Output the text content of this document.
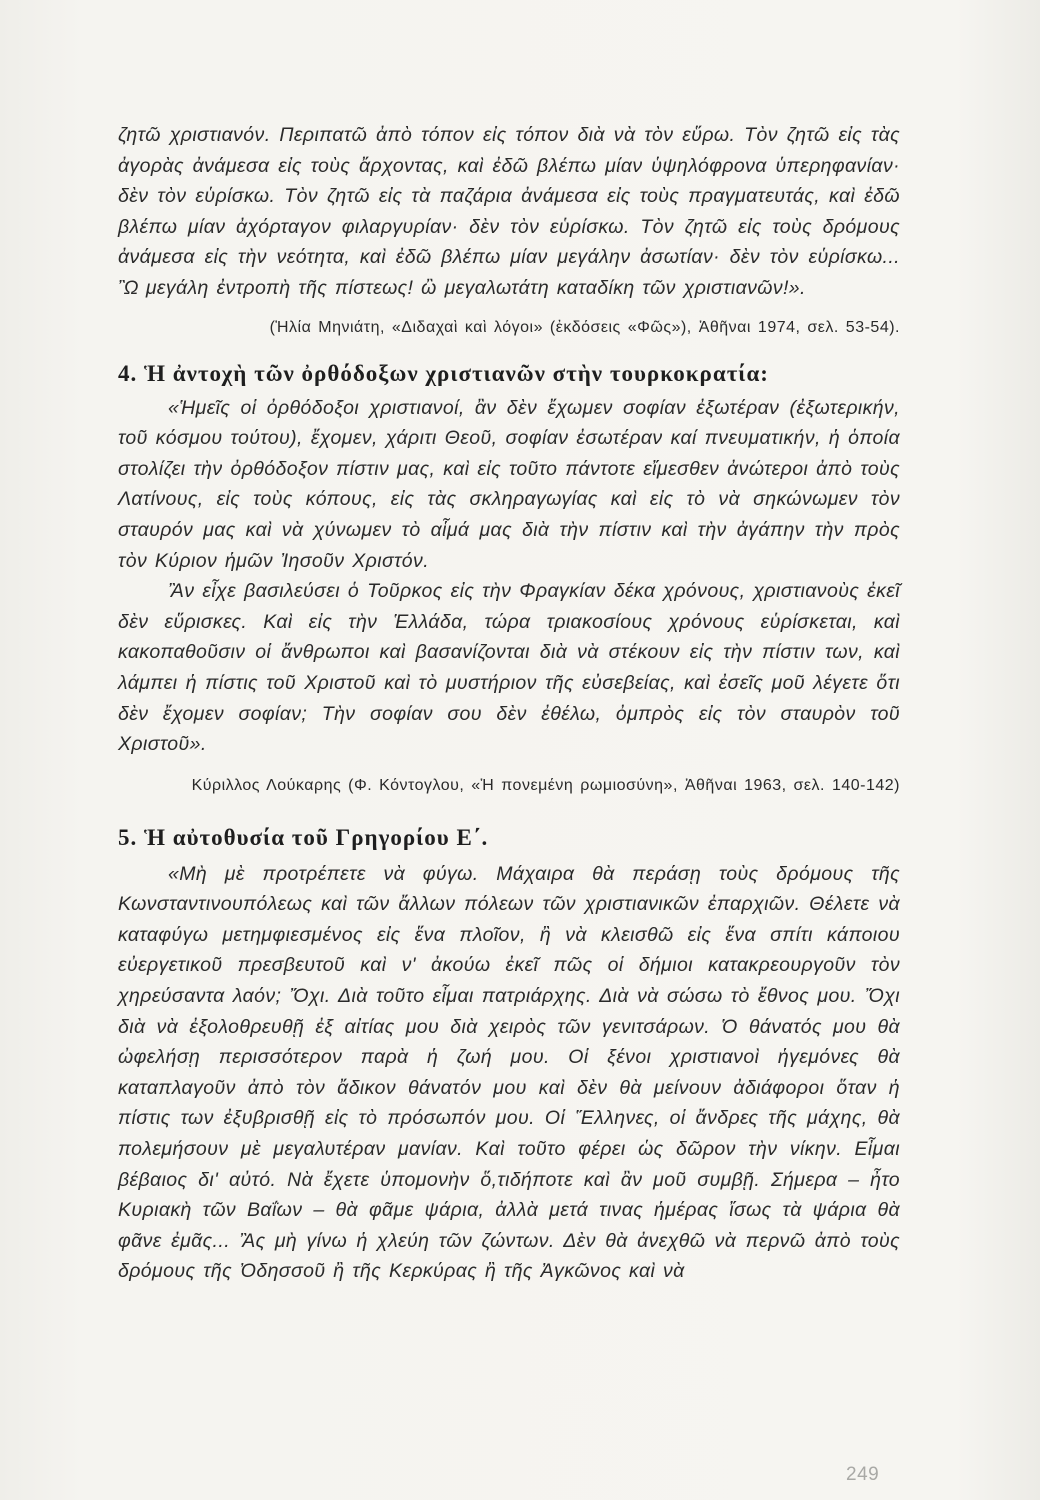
ζητῶ χριστιανόν. Περιπατῶ ἀπὸ τόπον εἰς τόπον διὰ νὰ τὸν εὕρω. Τὸν ζητῶ εἰς τὰς ἀγορὰς ἀνάμεσα εἰς τοὺς ἄρχοντας, καὶ ἐδῶ βλέπω μίαν ὑψηλόφρονα ὑπερηφανίαν· δὲν τὸν εὑρίσκω. Τὸν ζητῶ εἰς τὰ παζάρια ἀνάμεσα εἰς τοὺς πραγματευτάς, καὶ ἐδῶ βλέπω μίαν ἀχόρταγον φιλαργυρίαν· δὲν τὸν εὑρίσκω. Τὸν ζητῶ εἰς τοὺς δρόμους ἀνάμεσα εἰς τὴν νεότητα, καὶ ἐδῶ βλέπω μίαν μεγάλην ἀσωτίαν· δὲν τὸν εὑρίσκω... Ὢ μεγάλη ἐντροπὴ τῆς πίστεως! ὢ μεγαλωτάτη καταδίκη τῶν χριστιανῶν!».

(Ἡλία Μηνιάτη, «Διδαχαὶ καὶ λόγοι» (ἐκδόσεις «Φῶς»), Ἀθῆναι 1974, σελ. 53-54).

4. Ἡ ἀντοχὴ τῶν ὀρθόδοξων χριστιανῶν στὴν τουρκοκρατία:

«Ἡμεῖς οἱ ὀρθόδοξοι χριστιανοί, ἂν δὲν ἔχωμεν σοφίαν ἐξωτέραν (ἐξωτερικήν, τοῦ κόσμου τούτου), ἔχομεν, χάριτι Θεοῦ, σοφίαν ἐσωτέραν καί πνευματικήν, ἡ ὁποία στολίζει τὴν ὀρθόδοξον πίστιν μας, καὶ εἰς τοῦτο πάντοτε εἴμεσθεν ἀνώτεροι ἀπὸ τοὺς Λατίνους, εἰς τοὺς κόπους, εἰς τὰς σκληραγωγίας καὶ εἰς τὸ νὰ σηκώνωμεν τὸν σταυρόν μας καὶ νὰ χύνωμεν τὸ αἷμά μας διὰ τὴν πίστιν καὶ τὴν ἀγάπην τὴν πρὸς τὸν Κύριον ἡμῶν Ἰησοῦν Χριστόν.

Ἂν εἶχε βασιλεύσει ὁ Τοῦρκος εἰς τὴν Φραγκίαν δέκα χρόνους, χριστιανοὺς ἐκεῖ δὲν εὕρισκες. Καὶ εἰς τὴν Ἑλλάδα, τώρα τριακοσίους χρόνους εὑρίσκεται, καὶ κακοπαθοῦσιν οἱ ἄνθρωποι καὶ βασανίζονται διὰ νὰ στέκουν εἰς τὴν πίστιν των, καὶ λάμπει ἡ πίστις τοῦ Χριστοῦ καὶ τὸ μυστήριον τῆς εὐσεβείας, καὶ ἐσεῖς μοῦ λέγετε ὅτι δὲν ἔχομεν σοφίαν; Τὴν σοφίαν σου δὲν ἐθέλω, ὀμπρὸς εἰς τὸν σταυρὸν τοῦ Χριστοῦ».

Κύριλλος Λούκαρης (Φ. Κόντογλου, «Ἡ πονεμένη ρωμιοσύνη», Ἀθῆναι 1963, σελ. 140-142)

5. Ἡ αὐτοθυσία τοῦ Γρηγορίου Ε΄.

«Μὴ μὲ προτρέπετε νὰ φύγω. Μάχαιρα θὰ περάσῃ τοὺς δρόμους τῆς Κωνσταντινουπόλεως καὶ τῶν ἄλλων πόλεων τῶν χριστιανικῶν ἐπαρχιῶν. Θέλετε νὰ καταφύγω μετημφιεσμένος εἰς ἕνα πλοῖον, ἢ νὰ κλεισθῶ εἰς ἕνα σπίτι κάποιου εὐεργετικοῦ πρεσβευτοῦ καὶ ν' ἀκούω ἐκεῖ πῶς οἱ δήμιοι κατακρεουργοῦν τὸν χηρεύσαντα λαόν; Ὄχι. Διὰ τοῦτο εἶμαι πατριάρχης. Διὰ νὰ σώσω τὸ ἔθνος μου. Ὄχι διὰ νὰ ἐξολοθρευθῇ ἐξ αἰτίας μου διὰ χειρὸς τῶν γενιτσάρων. Ὁ θάνατός μου θὰ ὠφελήσῃ περισσότερον παρὰ ἡ ζωή μου. Οἱ ξένοι χριστιανοὶ ἡγεμόνες θὰ καταπλαγοῦν ἀπὸ τὸν ἄδικον θάνατόν μου καὶ δὲν θὰ μείνουν ἀδιάφοροι ὅταν ἡ πίστις των ἐξυβρισθῇ εἰς τὸ πρόσωπόν μου. Οἱ Ἕλληνες, οἱ ἄνδρες τῆς μάχης, θὰ πολεμήσουν μὲ μεγαλυτέραν μανίαν. Καὶ τοῦτο φέρει ὡς δῶρον τὴν νίκην. Εἶμαι βέβαιος δι' αὐτό. Νὰ ἔχετε ὑπομονὴν ὅ,τιδήποτε καὶ ἂν μοῦ συμβῇ. Σήμερα – ἦτο Κυριακὴ τῶν Βαΐων – θὰ φᾶμε ψάρια, ἀλλὰ μετά τινας ἡμέρας ἴσως τὰ ψάρια θὰ φᾶνε ἐμᾶς... Ἂς μὴ γίνω ἡ χλεύη τῶν ζώντων. Δὲν θὰ ἀνεχθῶ νὰ περνῶ ἀπὸ τοὺς δρόμους τῆς Ὀδησσοῦ ἢ τῆς Κερκύρας ἢ τῆς Ἀγκῶνος καὶ νὰ

249
